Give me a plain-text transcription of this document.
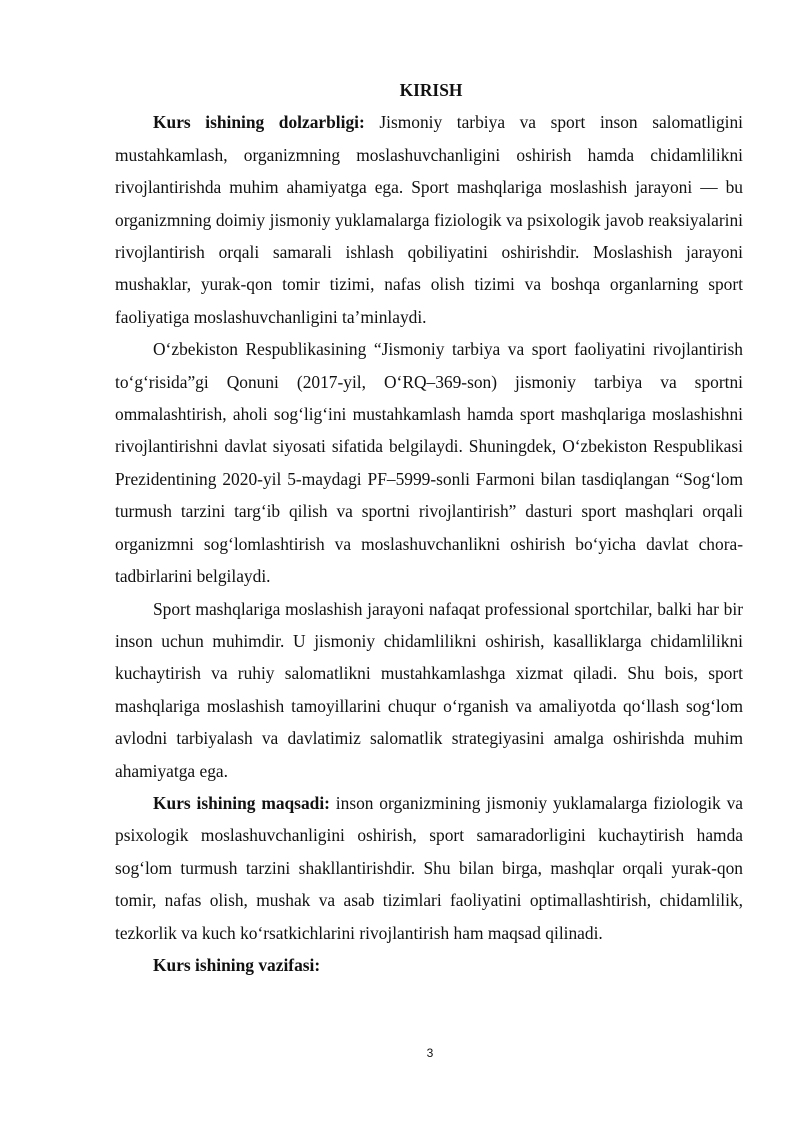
KIRISH

Kurs ishining dolzarbligi: Jismoniy tarbiya va sport inson salomatligini mustahkamlash, organizmning moslashuvchanligini oshirish hamda chidamlilikni rivojlantirishda muhim ahamiyatga ega. Sport mashqlariga moslashish jarayoni — bu organizmning doimiy jismoniy yuklamalarga fiziologik va psixologik javob reaksiyalarini rivojlantirish orqali samarali ishlash qobiliyatini oshirishdir. Moslashish jarayoni mushaklar, yurak-qon tomir tizimi, nafas olish tizimi va boshqa organlarning sport faoliyatiga moslashuvchanligini ta’minlaydi.

O‘zbekiston Respublikasining “Jismoniy tarbiya va sport faoliyatini rivojlantirish to‘g‘risida”gi Qonuni (2017-yil, O‘RQ–369-son) jismoniy tarbiya va sportni ommalashtirish, aholi sog‘lig‘ini mustahkamlash hamda sport mashqlariga moslashishni rivojlantirishni davlat siyosati sifatida belgilaydi. Shuningdek, O‘zbekiston Respublikasi Prezidentining 2020-yil 5-maydagi PF–5999-sonli Farmoni bilan tasdiqlangan “Sog‘lom turmush tarzini targ‘ib qilish va sportni rivojlantirish” dasturi sport mashqlari orqali organizmni sog‘lomlashtirish va moslashuvchanlikni oshirish bo‘yicha davlat chora-tadbirlarini belgilaydi.

Sport mashqlariga moslashish jarayoni nafaqat professional sportchilar, balki har bir inson uchun muhimdir. U jismoniy chidamlilikni oshirish, kasalliklarga chidamlilikni kuchaytirish va ruhiy salomatlikni mustahkamlashga xizmat qiladi. Shu bois, sport mashqlariga moslashish tamoyillarini chuqur o‘rganish va amaliyotda qo‘llash sog‘lom avlodni tarbiyalash va davlatimiz salomatlik strategiyasini amalga oshirishda muhim ahamiyatga ega.

Kurs ishining maqsadi: inson organizmining jismoniy yuklamalarga fiziologik va psixologik moslashuvchanligini oshirish, sport samaradorligini kuchaytirish hamda sog‘lom turmush tarzini shakllantirishdir. Shu bilan birga, mashqlar orqali yurak-qon tomir, nafas olish, mushak va asab tizimlari faoliyatini optimallashtirish, chidamlilik, tezkorlik va kuch ko‘rsatkichlarini rivojlantirish ham maqsad qilinadi.

Kurs ishining vazifasi:

3
